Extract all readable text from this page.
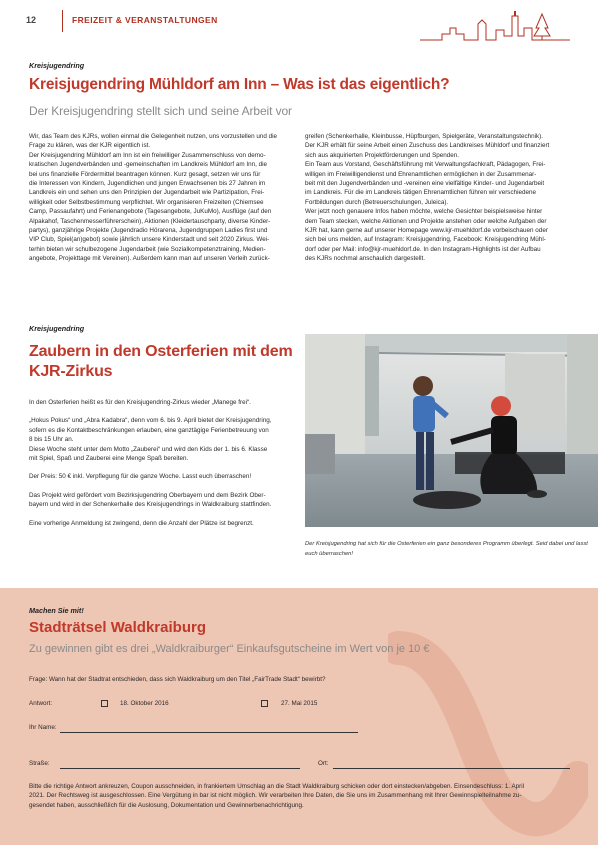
12	FREIZEIT & VERANSTALTUNGEN
Kreisjugendring
Kreisjugendring Mühldorf am Inn – Was ist das eigentlich?
Der Kreisjugendring stellt sich und seine Arbeit vor
Wir, das Team des KJRs, wollen einmal die Gelegenheit nutzen, uns vorzustellen und die
Frage zu klären, was der KJR eigentlich ist.
Der Kreisjugendring Mühldorf am Inn ist ein freiwilliger Zusammenschluss von demo-
kratischen Jugendverbänden und -gemeinschaften im Landkreis Mühldorf am Inn, die
bei uns finanzielle Fördermittel beantragen können. Kurz gesagt, setzen wir uns für
die Interessen von Kindern, Jugendlichen und jungen Erwachsenen bis 27 Jahren im
Landkreis ein und sehen uns den Prinzipien der Jugendarbeit wie Partizipation, Frei-
willigkeit oder Selbstbestimmung verpflichtet. Wir organisieren Freizeiten (Chiemsee
Camp, Passaufahrt) und Ferienangebote (Tagesangebote, JuKuMo), Ausflüge (auf den
Alpakahof, Taschenmesserführerschein), Aktionen (Kleidertauschparty, diverse Kinder-
partys), ganzjährige Projekte (Jugendradio Hörarena, Jugendgruppen Ladies first und
VIP Club, Spiel(an)gebot) sowie jährlich unsere Kinderstadt und seit 2020 Zirkus. Wei-
terhin bieten wir schulbezogene Jugendarbeit (wie Sozialkompetenztraining, Medien-
angebote, Projekttage mit Vereinen). Außerdem kann man auf unseren Verleih zurück-
greifen (Schenkerhalle, Kleinbusse, Hüpfburgen, Spielgeräte, Veranstaltungstechnik).
Der KJR erhält für seine Arbeit einen Zuschuss des Landkreises Mühldorf und finanziert
sich aus akquirierten Projektförderungen und Spenden.
Ein Team aus Vorstand, Geschäftsführung mit Verwaltungsfachkraft, Pädagogen, Frei-
willigen im Freiwilligendienst und Ehrenamtlichen ermöglichen in der Zusammenar-
beit mit den Jugendverbänden und -vereinen eine vielfältige Kinder- und Jugendarbeit
im Landkreis. Für die im Landkreis tätigen Ehrenamtlichen führen wir verschiedene
Fortbildungen durch (Betreuerschulungen, Juleica).
Wer jetzt noch genauere Infos haben möchte, welche Gesichter beispielsweise hinter
dem Team stecken, welche Aktionen und Projekte anstehen oder welche Aufgaben der
KJR hat, kann gerne auf unserer Homepage www.kjr-muehldorf.de vorbeischauen oder
sich bei uns melden, auf Instagram: Kreisjugendring, Facebook: Kreisjugendring Mühl-
dorf oder per Mail: info@kjr-muehldorf.de. In den Instagram-Highlights ist der Aufbau
des KJRs nochmal anschaulich dargestellt.
Kreisjugendring
Zaubern in den Osterferien mit dem
KJR-Zirkus
In den Osterferien heißt es für den Kreisjugendring-Zirkus wieder „Manege frei“.
„Hokus Pokus“ und „Abra Kadabra“, denn vom 6. bis 9. April bietet der Kreisjugendring,
sofern es die Kontaktbeschränkungen erlauben, eine ganztägige Ferienbetreuung von
8 bis 15 Uhr an.
Diese Woche steht unter dem Motto „Zauberei“ und wird den Kids der 1. bis 6. Klasse
mit Spiel, Spaß und Zauberei eine Menge Spaß bereiten.
Der Preis: 50 € inkl. Verpflegung für die ganze Woche. Lasst euch überraschen!
Das Projekt wird gefördert vom Bezirksjugendring Oberbayern und dem Bezirk Ober-
bayern und wird in der Schenkerhalle des Kreisjugendrings in Waldkraiburg stattfinden.
Eine vorherige Anmeldung ist zwingend, denn die Anzahl der Plätze ist begrenzt.
Der Kreisjugendring hat sich für die Osterferien ein ganz besonderes Programm überlegt. Seid dabei und lasst
euch überraschen!
Machen Sie mit!
Stadträtsel Waldkraiburg
Zu gewinnen gibt es drei „Waldkraiburger“ Einkaufsgutscheine im Wert von je 10 €
Frage: Wann hat der Stadtrat entschieden, dass sich Waldkraiburg um den Titel „FairTrade Stadt“ bewirbt?
Antwort:	18. Oktober 2016	27. Mai 2015
Ihr Name:
Straße:	Ort:
Bitte die richtige Antwort ankreuzen, Coupon ausschneiden, in frankiertem Umschlag an die Stadt Waldkraiburg schicken oder dort einstecken/abgeben. Einsendeschluss: 1. April
2021. Der Rechtsweg ist ausgeschlossen. Eine Vergütung in bar ist nicht möglich. Wir verarbeiten Ihre Daten, die Sie uns im Zusammenhang mit Ihrer Gewinnspielteilnahme zu-
gesendet haben, ausschließlich für die Auslosung, Dokumentation und Gewinnerbenachrichtigung.
